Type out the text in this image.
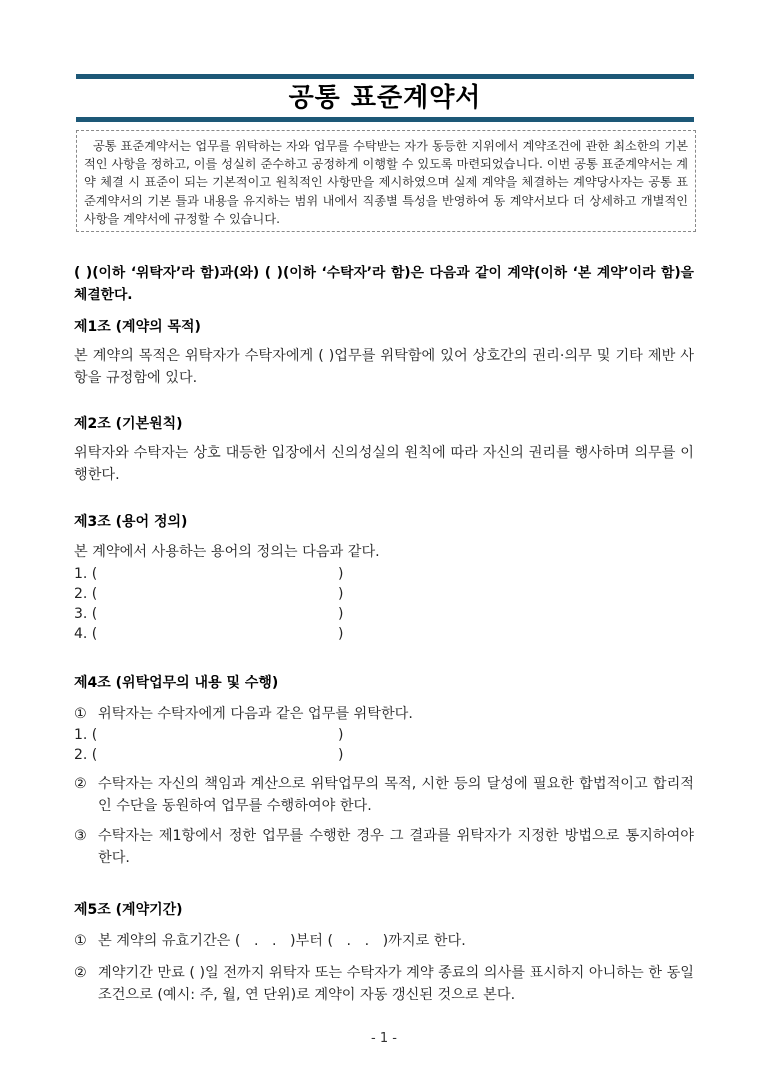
공통 표준계약서

공통 표준계약서는 업무를 위탁하는 자와 업무를 수탁받는 자가 동등한 지위에서 계약조건에 관한 최소한의 기본적인 사항을 정하고, 이를 성실히 준수하고 공정하게 이행할 수 있도록 마련되었습니다. 이번 공통 표준계약서는 계약 체결 시 표준이 되는 기본적이고 원칙적인 사항만을 제시하였으며 실제 계약을 체결하는 계약당사자는 공통 표준계약서의 기본 틀과 내용을 유지하는 범위 내에서 직종별 특성을 반영하여 동 계약서보다 더 상세하고 개별적인 사항을 계약서에 규정할 수 있습니다.

( )(이하 ‘위탁자’라 함)과(와) ( )(이하 ‘수탁자’라 함)은 다음과 같이 계약(이하 ‘본 계약’이라 함)을 체결한다.
제1조 (계약의 목적)
본 계약의 목적은 위탁자가 수탁자에게 ( )업무를 위탁함에 있어 상호간의 권리·의무 및 기타 제반 사항을 규정함에 있다.
제2조 (기본원칙)
위탁자와 수탁자는 상호 대등한 입장에서 신의성실의 원칙에 따라 자신의 권리를 행사하며 의무를 이행한다.
제3조 (용어 정의)
본 계약에서 사용하는 용어의 정의는 다음과 같다.
1. (	)
2. (	)
3. (	)
4. (	)
제4조 (위탁업무의 내용 및 수행)
① 위탁자는 수탁자에게 다음과 같은 업무를 위탁한다.
1. (	)
2. (	)
② 수탁자는 자신의 책임과 계산으로 위탁업무의 목적, 시한 등의 달성에 필요한 합법적이고 합리적인 수단을 동원하여 업무를 수행하여야 한다.
③ 수탁자는 제1항에서 정한 업무를 수행한 경우 그 결과를 위탁자가 지정한 방법으로 통지하여야 한다.
제5조 (계약기간)
① 본 계약의 유효기간은 (   .   .   )부터 (   .   .   )까지로 한다.
② 계약기간 만료 ( )일 전까지 위탁자 또는 수탁자가 계약 종료의 의사를 표시하지 아니하는 한 동일 조건으로 (예시: 주, 월, 연 단위)로 계약이 자동 갱신된 것으로 본다.
- 1 -
